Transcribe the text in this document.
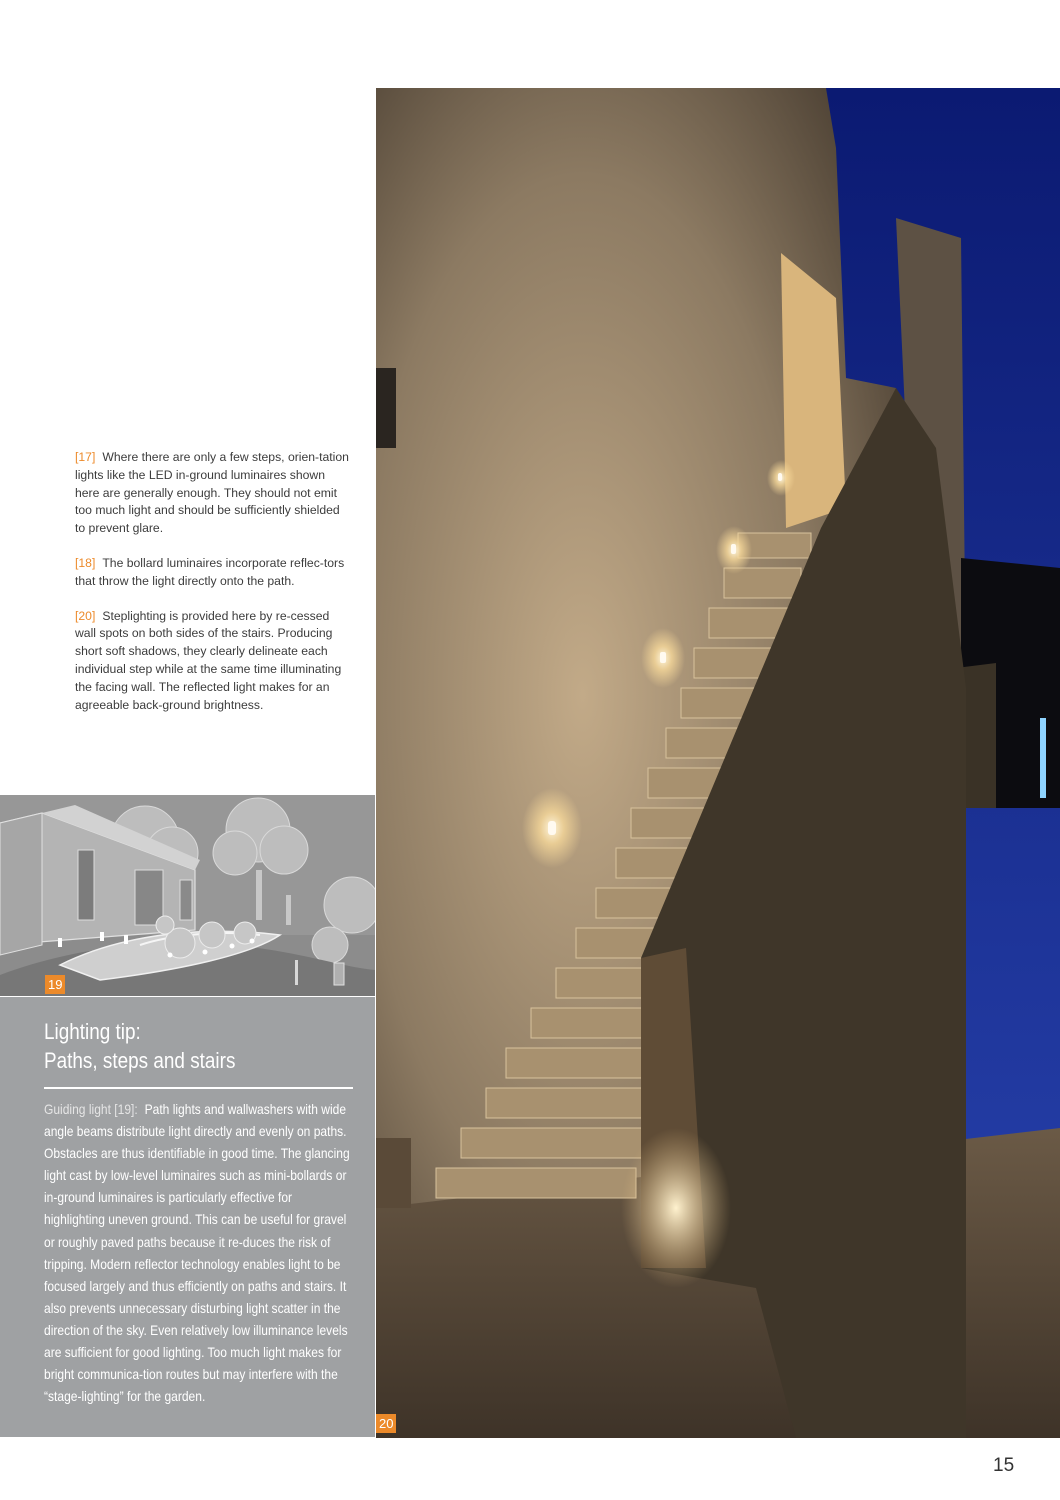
[17] Where there are only a few steps, orien-tation lights like the LED in-ground luminaires shown here are generally enough. They should not emit too much light and should be sufficiently shielded to prevent glare.

[18] The bollard luminaires incorporate reflec-tors that throw the light directly onto the path.

[20] Steplighting is provided here by re-cessed wall spots on both sides of the stairs. Producing short soft shadows, they clearly delineate each individual step while at the same time illuminating the facing wall. The reflected light makes for an agreeable back-ground brightness.

19
Lighting tip:
Paths, steps and stairs
Guiding light [19]: Path lights and wallwashers with wide angle beams distribute light directly and evenly on paths. Obstacles are thus identifiable in good time. The glancing light cast by low-level luminaires such as mini-bollards or in-ground luminaires is particularly effective for highlighting uneven ground. This can be useful for gravel or roughly paved paths because it re-duces the risk of tripping. Modern reflector technology enables light to be focused largely and thus efficiently on paths and stairs. It also prevents unnecessary disturbing light scatter in the direction of the sky. Even relatively low illuminance levels are sufficient for good lighting. Too much light makes for bright communica-tion routes but may interfere with the “stage-lighting” for the garden.
20
15
